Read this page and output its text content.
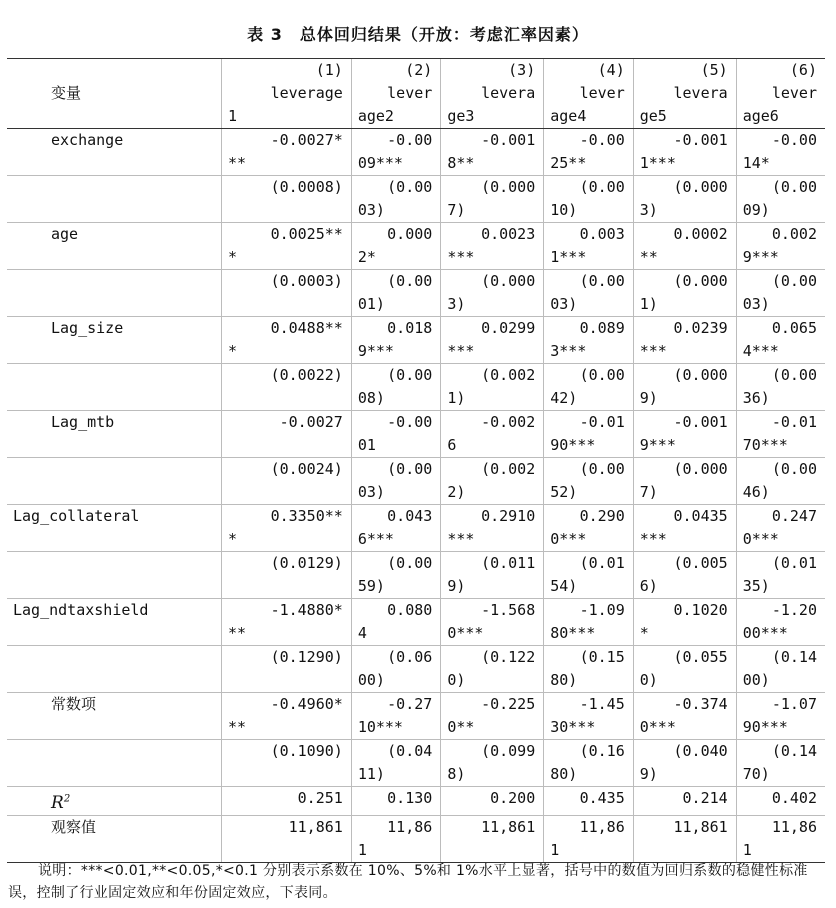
表 3　总体回归结果（开放：考虑汇率因素）
	(1)	(2)	(3)	(4)	(5)	(6)
变量	leverage	lever	levera	lever	levera	lever
	1	age2	ge3	age4	ge5	age6
exchange	-0.0027*	-0.00	-0.001	-0.00	-0.001	-0.00
	**	09***	8**	25**	1***	14*
	(0.0008)	(0.00	(0.000	(0.00	(0.000	(0.00
		03)	7)	10)	3)	09)
age	0.0025**	0.000	0.0023	0.003	0.0002	0.002
	*	2*	***	1***	**	9***
	(0.0003)	(0.00	(0.000	(0.00	(0.000	(0.00
		01)	3)	03)	1)	03)
Lag_size	0.0488**	0.018	0.0299	0.089	0.0239	0.065
	*	9***	***	3***	***	4***
	(0.0022)	(0.00	(0.002	(0.00	(0.000	(0.00
		08)	1)	42)	9)	36)
Lag_mtb	-0.0027	-0.00	-0.002	-0.01	-0.001	-0.01
		01	6	90***	9***	70***
	(0.0024)	(0.00	(0.002	(0.00	(0.000	(0.00
		03)	2)	52)	7)	46)
Lag_collateral	0.3350**	0.043	0.2910	0.290	0.0435	0.247
	*	6***	***	0***	***	0***
	(0.0129)	(0.00	(0.011	(0.01	(0.005	(0.01
		59)	9)	54)	6)	35)
Lag_ndtaxshield	-1.4880*	0.080	-1.568	-1.09	0.1020	-1.20
	**	4	0***	80***	*	00***
	(0.1290)	(0.06	(0.122	(0.15	(0.055	(0.14
		00)	0)	80)	0)	00)
常数项	-0.4960*	-0.27	-0.225	-1.45	-0.374	-1.07
	**	10***	0**	30***	0***	90***
	(0.1090)	(0.04	(0.099	(0.16	(0.040	(0.14
		11)	8)	80)	9)	70)
$R^2$	0.251	0.130	0.200	0.435	0.214	0.402
观察值	11,861	11,86	11,861	11,86	11,861	11,86
		1		1		1
说明：***<0.01,**<0.05,*<0.1 分别表示系数在 10%、5%和 1%水平上显著，括号中的数值为回归系数的稳健性标准误，控制了行业固定效应和年份固定效应，下表同。
